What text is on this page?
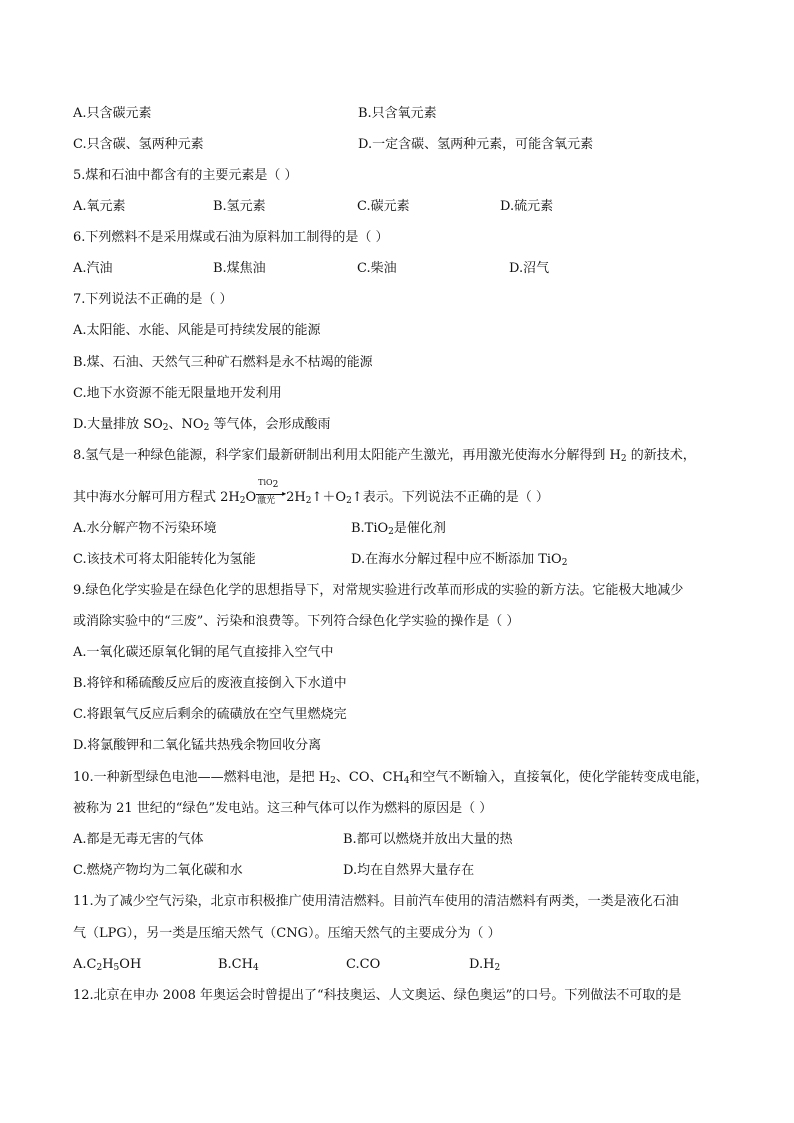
A.只含碳元素	B.只含氧元素
C.只含碳、氢两种元素	D.一定含碳、氢两种元素，可能含氧元素
5.煤和石油中都含有的主要元素是（ ）
A.氧元素	B.氢元素	C.碳元素	D.硫元素
6.下列燃料不是采用煤或石油为原料加工制得的是（ ）
A.汽油	B.煤焦油	C.柴油	D.沼气
7.下列说法不正确的是（ ）
A.太阳能、水能、风能是可持续发展的能源
B.煤、石油、天然气三种矿石燃料是永不枯竭的能源
C.地下水资源不能无限量地开发利用
D.大量排放 $SO_2$、$NO_2$ 等气体，会形成酸雨
8.氢气是一种绿色能源，科学家们最新研制出利用太阳能产生激光，再用激光使海水分解得到 $H_2$ 的新技术，
其中海水分解可用方程式 $2H_2O$
TiO$_2$
▸
激光 $2H_2↑+O_2↑$表示。下列说法不正确的是（ ）
A.水分解产物不污染环境	B.TiO$_2$是催化剂
C.该技术可将太阳能转化为氢能	D.在海水分解过程中应不断添加 TiO$_2$
9.绿色化学实验是在绿色化学的思想指导下，对常规实验进行改革而形成的实验的新方法。它能极大地减少
或消除实验中的“三废”、污染和浪费等。下列符合绿色化学实验的操作是（ ）
A.一氧化碳还原氧化铜的尾气直接排入空气中
B.将锌和稀硫酸反应后的废液直接倒入下水道中
C.将跟氧气反应后剩余的硫磺放在空气里燃烧完
D.将氯酸钾和二氧化锰共热残余物回收分离
10.一种新型绿色电池——燃料电池，是把 $H_2$、CO、$CH_4$和空气不断输入，直接氧化，使化学能转变成电能，
被称为 21 世纪的“绿色”发电站。这三种气体可以作为燃料的原因是（ ）
A.都是无毒无害的气体	B.都可以燃烧并放出大量的热
C.燃烧产物均为二氧化碳和水	D.均在自然界大量存在
11.为了减少空气污染，北京市积极推广使用清洁燃料。目前汽车使用的清洁燃料有两类，一类是液化石油
气（LPG），另一类是压缩天然气（CNG）。压缩天然气的主要成分为（ ）
$A.C_2H_5OH$	$B.CH_4$	C.CO	$D.H_2$
12.北京在申办 2008 年奥运会时曾提出了“科技奥运、人文奥运、绿色奥运”的口号。下列做法不可取的是
